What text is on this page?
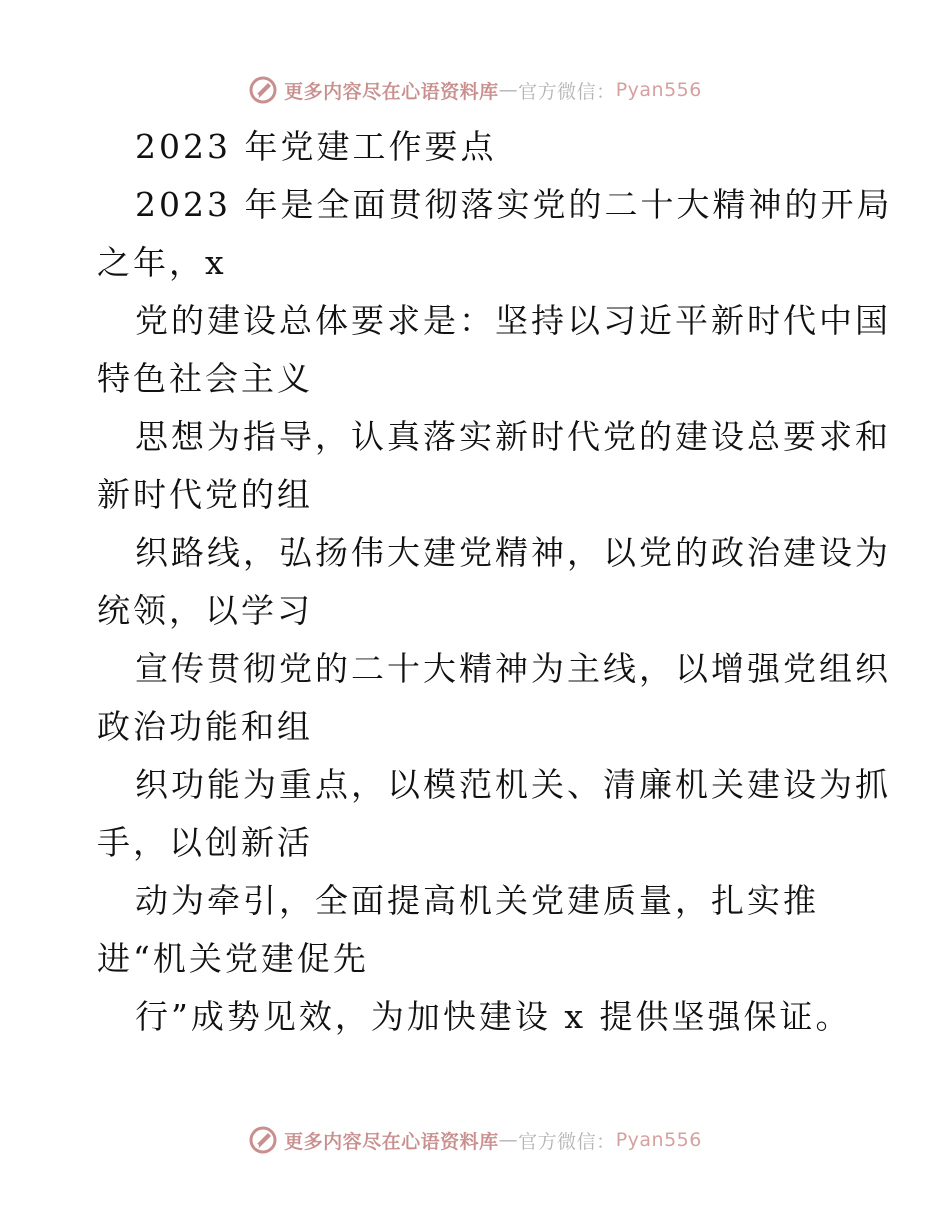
更多内容尽在心语资料库 — 官方微信： Pyan556
2023 年党建工作要点
2023 年是全面贯彻落实党的二十大精神的开局
之年，x
党的建设总体要求是：坚持以习近平新时代中国
特色社会主义
思想为指导，认真落实新时代党的建设总要求和
新时代党的组
织路线，弘扬伟大建党精神，以党的政治建设为
统领，以学习
宣传贯彻党的二十大精神为主线，以增强党组织
政治功能和组
织功能为重点，以模范机关、清廉机关建设为抓
手，以创新活
动为牵引，全面提高机关党建质量，扎实推
进“机关党建促先
行”成势见效，为加快建设 x 提供坚强保证。
更多内容尽在心语资料库 — 官方微信： Pyan556
